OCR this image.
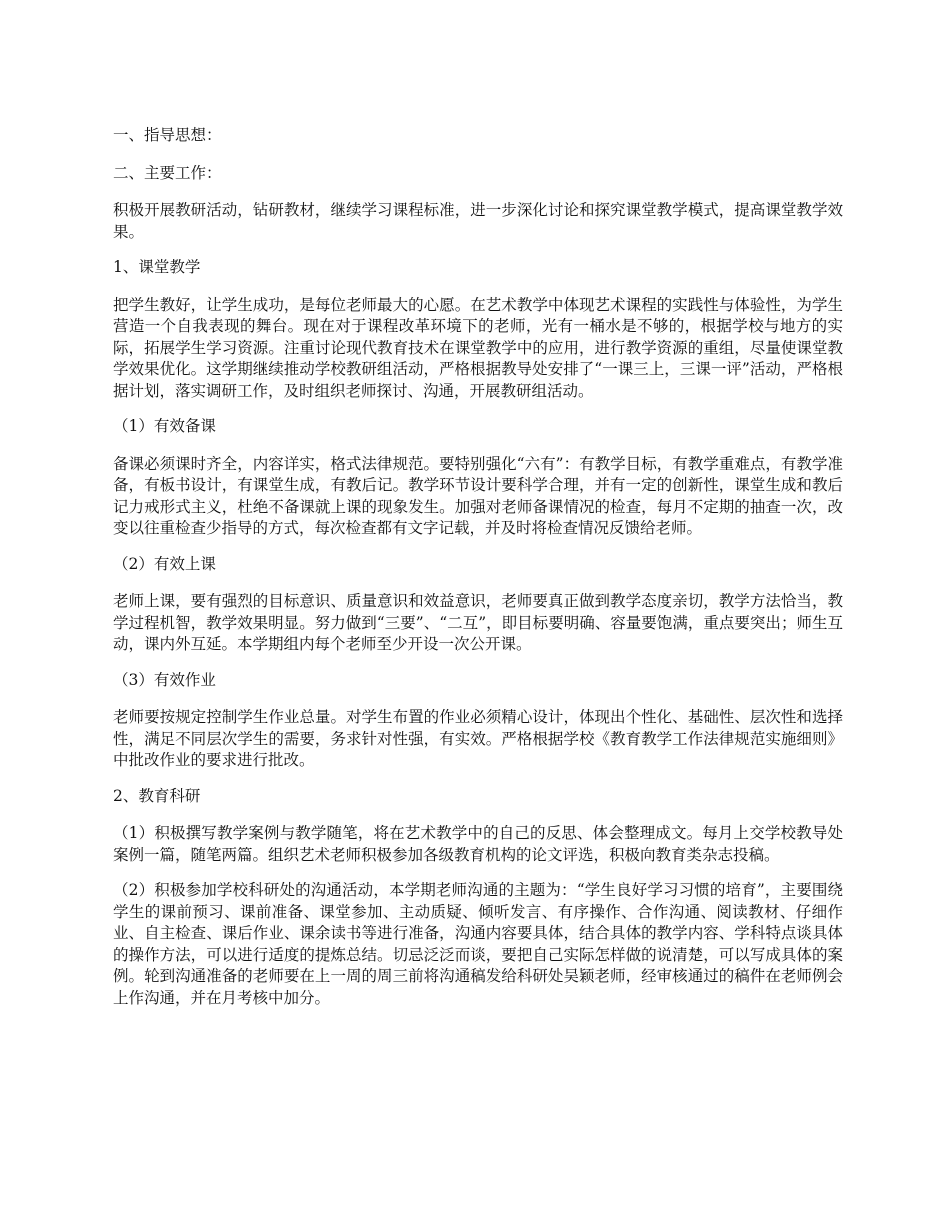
一、指导思想：

二、主要工作：

积极开展教研活动，钻研教材，继续学习课程标准，进一步深化讨论和探究课堂教学模式，提高课堂教学效果。

1、课堂教学

把学生教好，让学生成功，是每位老师最大的心愿。在艺术教学中体现艺术课程的实践性与体验性，为学生营造一个自我表现的舞台。现在对于课程改革环境下的老师，光有一桶水是不够的，根据学校与地方的实际，拓展学生学习资源。注重讨论现代教育技术在课堂教学中的应用，进行教学资源的重组，尽量使课堂教学效果优化。这学期继续推动学校教研组活动，严格根据教导处安排了“一课三上，三课一评”活动，严格根据计划，落实调研工作，及时组织老师探讨、沟通，开展教研组活动。

（1）有效备课

备课必须课时齐全，内容详实，格式法律规范。要特别强化“六有”：有教学目标，有教学重难点，有教学准备，有板书设计，有课堂生成，有教后记。教学环节设计要科学合理，并有一定的创新性，课堂生成和教后记力戒形式主义，杜绝不备课就上课的现象发生。加强对老师备课情况的检查，每月不定期的抽查一次，改变以往重检查少指导的方式，每次检查都有文字记载，并及时将检查情况反馈给老师。

（2）有效上课

老师上课，要有强烈的目标意识、质量意识和效益意识，老师要真正做到教学态度亲切，教学方法恰当，教学过程机智，教学效果明显。努力做到“三要”、“二互”，即目标要明确、容量要饱满，重点要突出；师生互动，课内外互延。本学期组内每个老师至少开设一次公开课。

（3）有效作业

老师要按规定控制学生作业总量。对学生布置的作业必须精心设计，体现出个性化、基础性、层次性和选择性，满足不同层次学生的需要，务求针对性强，有实效。严格根据学校《教育教学工作法律规范实施细则》中批改作业的要求进行批改。

2、教育科研

（1）积极撰写教学案例与教学随笔，将在艺术教学中的自己的反思、体会整理成文。每月上交学校教导处案例一篇，随笔两篇。组织艺术老师积极参加各级教育机构的论文评选，积极向教育类杂志投稿。

（2）积极参加学校科研处的沟通活动，本学期老师沟通的主题为：“学生良好学习习惯的培育”，主要围绕学生的课前预习、课前准备、课堂参加、主动质疑、倾听发言、有序操作、合作沟通、阅读教材、仔细作业、自主检查、课后作业、课余读书等进行准备，沟通内容要具体，结合具体的教学内容、学科特点谈具体的操作方法，可以进行适度的提炼总结。切忌泛泛而谈，要把自己实际怎样做的说清楚，可以写成具体的案例。轮到沟通准备的老师要在上一周的周三前将沟通稿发给科研处吴颖老师，经审核通过的稿件在老师例会上作沟通，并在月考核中加分。
